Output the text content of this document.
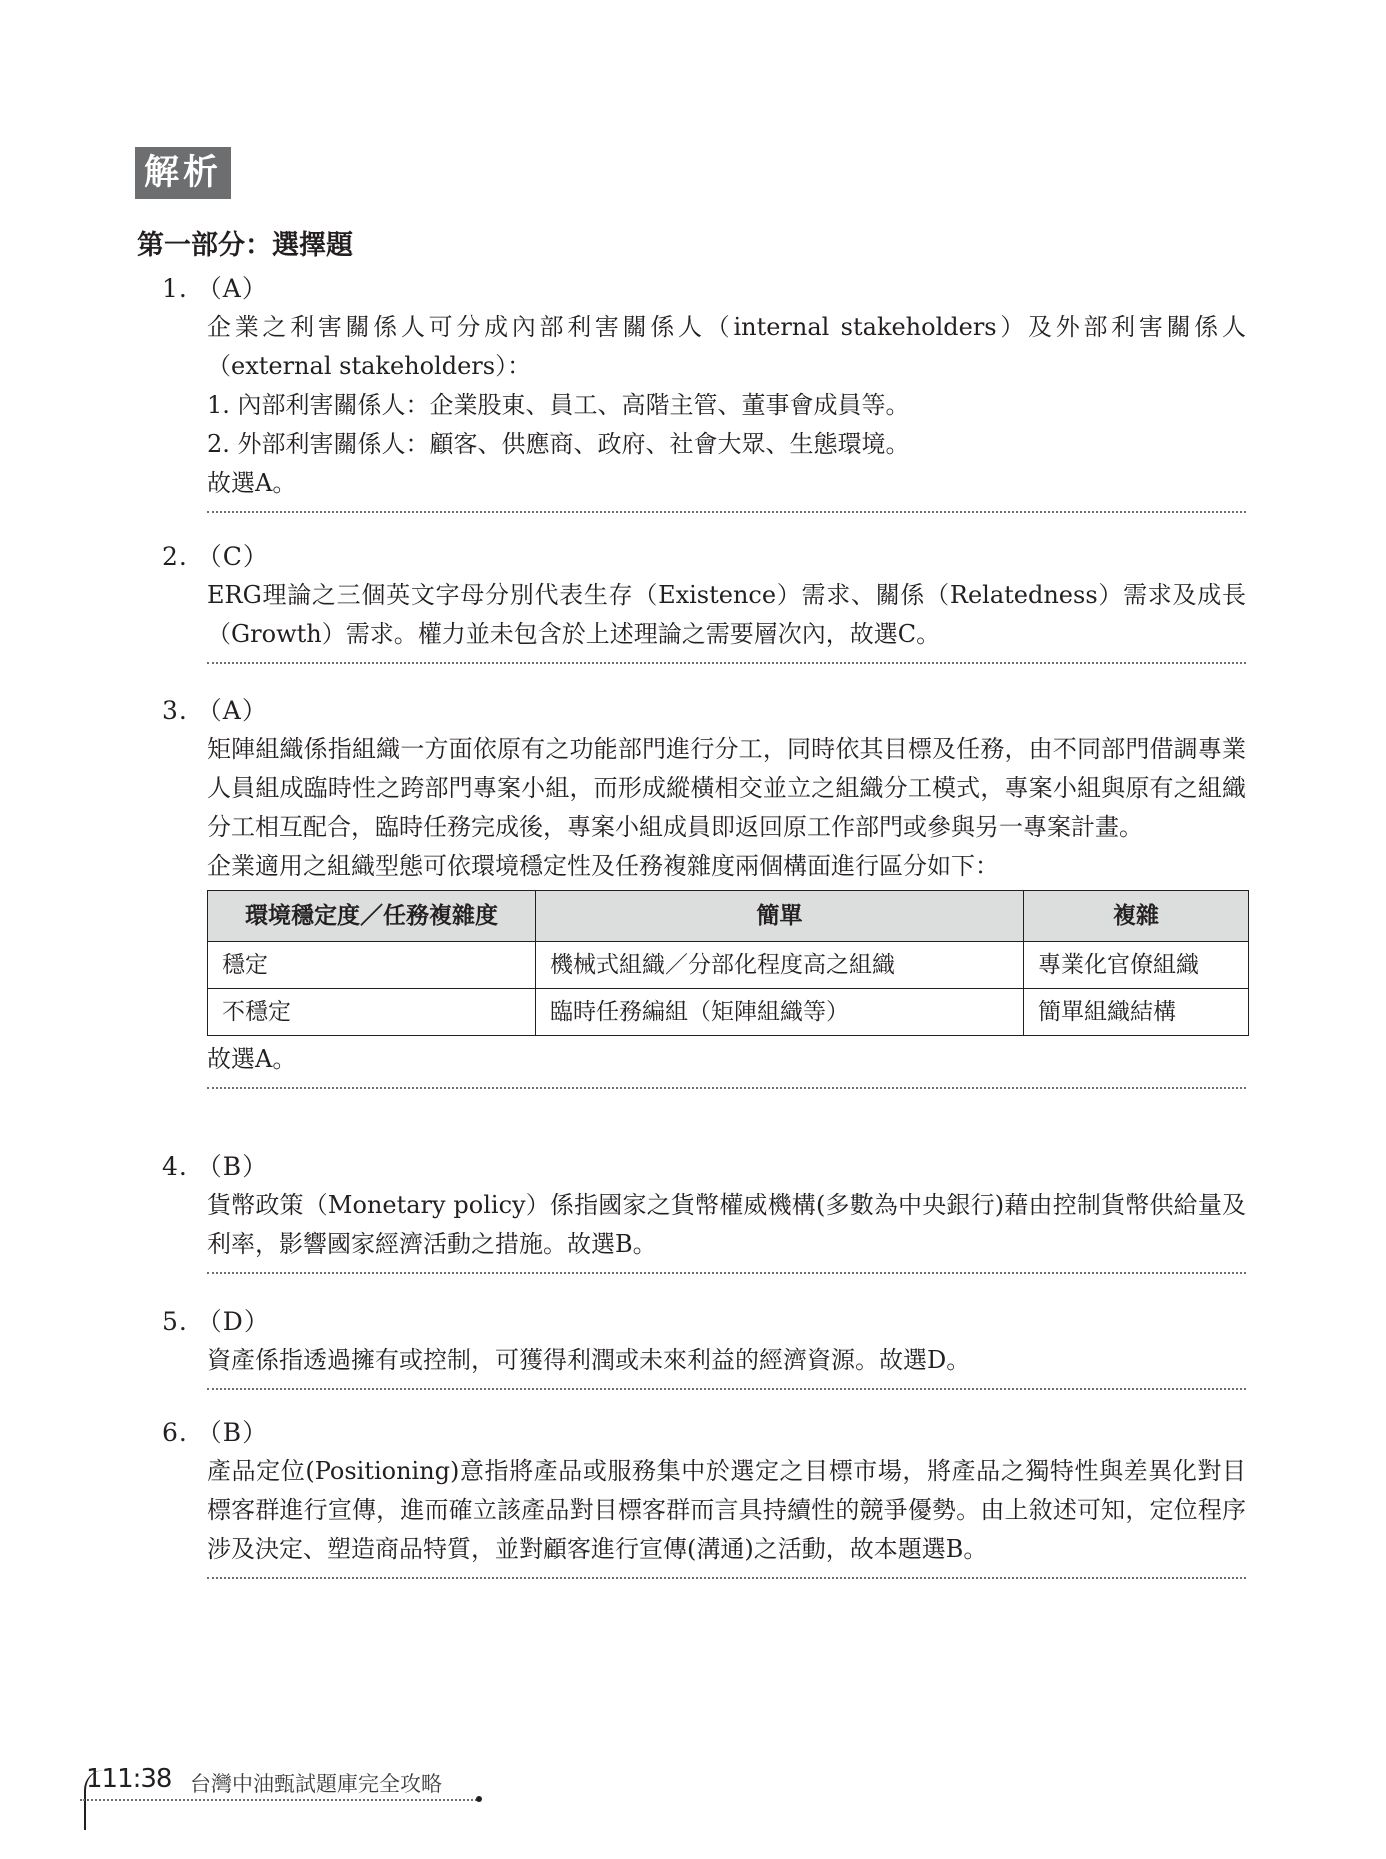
解析
第一部分：選擇題
1. （A）

企業之利害關係人可分成內部利害關係人（internal stakeholders）及外部利害關係人（external stakeholders）：

1. 內部利害關係人：企業股東、員工、高階主管、董事會成員等。

2. 外部利害關係人：顧客、供應商、政府、社會大眾、生態環境。

故選A。

2. （C）

ERG理論之三個英文字母分別代表生存（Existence）需求、關係（Relatedness）需求及成長（Growth）需求。權力並未包含於上述理論之需要層次內，故選C。

3. （A）

矩陣組織係指組織一方面依原有之功能部門進行分工，同時依其目標及任務，由不同部門借調專業人員組成臨時性之跨部門專案小組，而形成縱橫相交並立之組織分工模式，專案小組與原有之組織分工相互配合，臨時任務完成後，專案小組成員即返回原工作部門或參與另一專案計畫。

企業適用之組織型態可依環境穩定性及任務複雜度兩個構面進行區分如下：

環境穩定度／任務複雜度	簡單	複雜
穩定	機械式組織／分部化程度高之組織	專業化官僚組織
不穩定	臨時任務編組（矩陣組織等）	簡單組織結構

故選A。

4. （B）

貨幣政策（Monetary policy）係指國家之貨幣權威機構(多數為中央銀行)藉由控制貨幣供給量及利率，影響國家經濟活動之措施。故選B。

5. （D）

資產係指透過擁有或控制，可獲得利潤或未來利益的經濟資源。故選D。

6. （B）

產品定位(Positioning)意指將產品或服務集中於選定之目標市場，將產品之獨特性與差異化對目標客群進行宣傳，進而確立該產品對目標客群而言具持續性的競爭優勢。由上敘述可知，定位程序涉及決定、塑造商品特質，並對顧客進行宣傳(溝通)之活動，故本題選B。

111:38 台灣中油甄試題庫完全攻略
